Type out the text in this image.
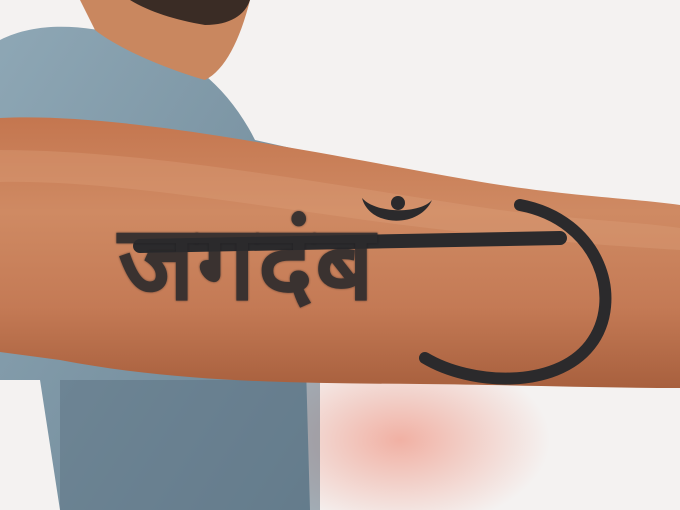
जगदंब
